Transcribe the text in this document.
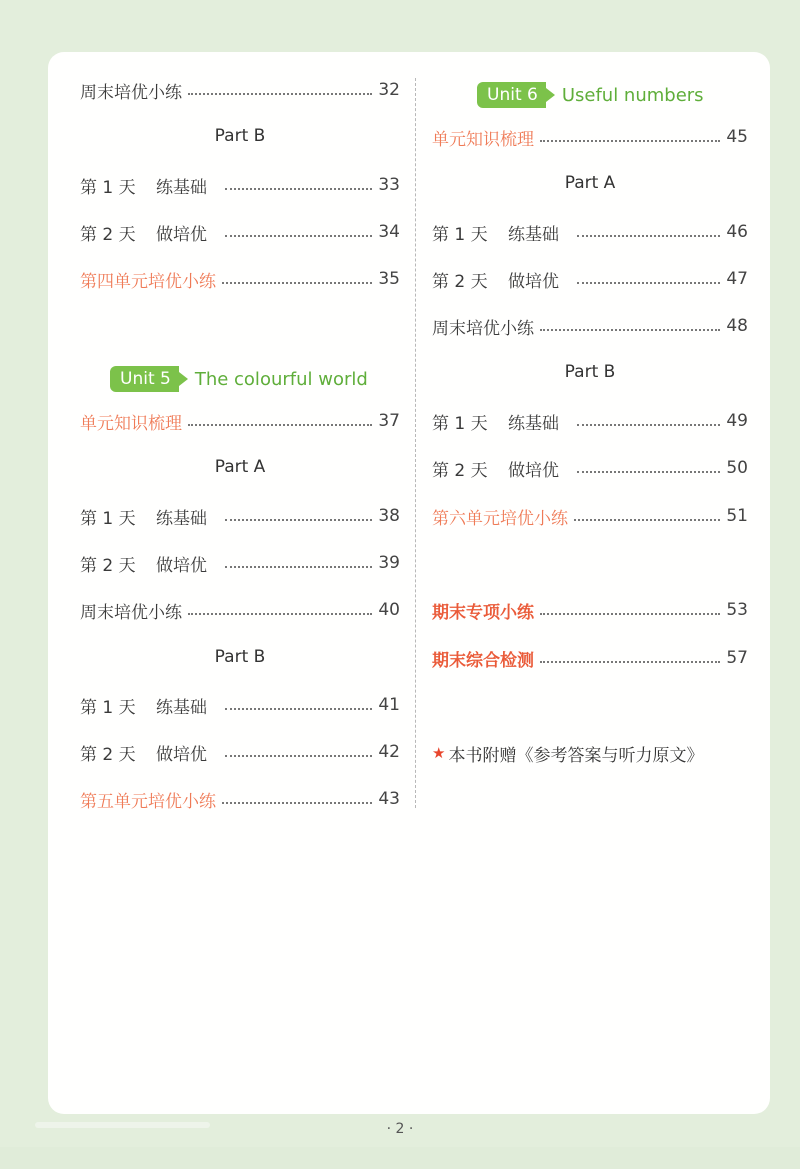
周末培优小练	32
Part B
第 1 天	练基础	33
第 2 天	做培优	34
第四单元培优小练	35
Unit 5	The colourful world
单元知识梳理	37
Part A
第 1 天	练基础	38
第 2 天	做培优	39
周末培优小练	40
Part B
第 1 天	练基础	41
第 2 天	做培优	42
第五单元培优小练	43
Unit 6	Useful numbers
单元知识梳理	45
Part A
第 1 天	练基础	46
第 2 天	做培优	47
周末培优小练	48
Part B
第 1 天	练基础	49
第 2 天	做培优	50
第六单元培优小练	51
期末专项小练	53
期末综合检测	57
★ 本书附赠《参考答案与听力原文》
· 2 ·
